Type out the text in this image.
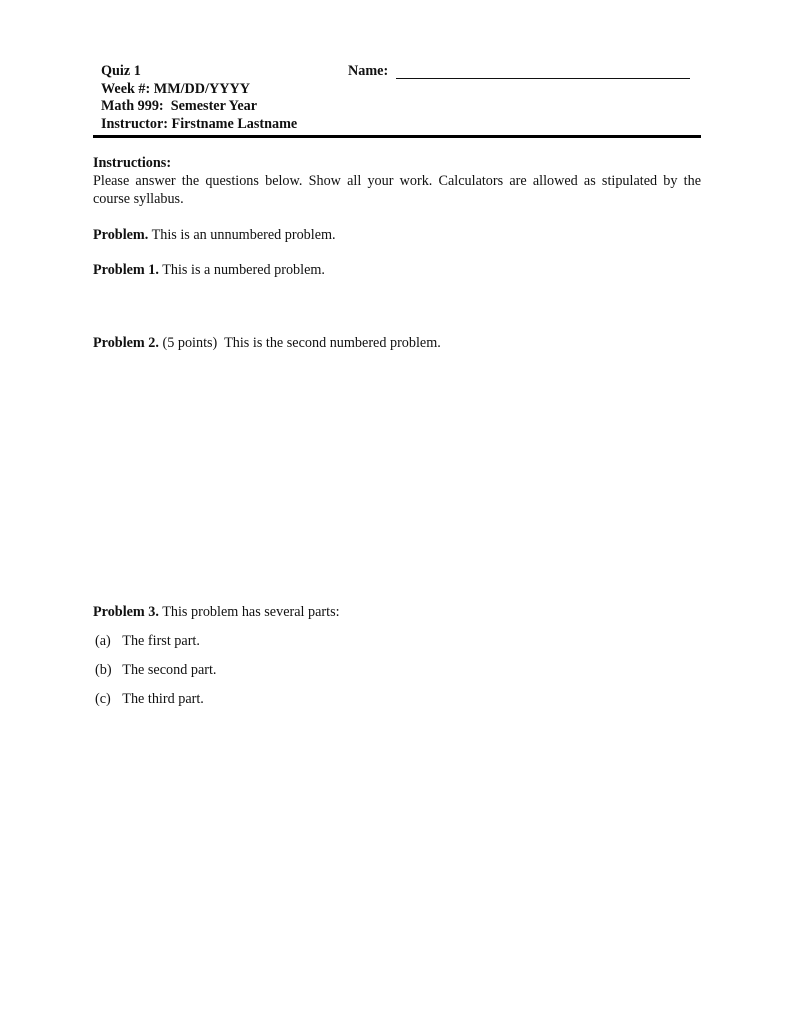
Quiz 1
Week #: MM/DD/YYYY
Math 999:  Semester Year
Instructor: Firstname Lastname
Name:
Instructions:
Please answer the questions below. Show all your work. Calculators are allowed as stipulated by the course syllabus.
Problem. This is an unnumbered problem.
Problem 1. This is a numbered problem.
Problem 2. (5 points) This is the second numbered problem.
Problem 3. This problem has several parts:
(a) The first part.
(b) The second part.
(c) The third part.
